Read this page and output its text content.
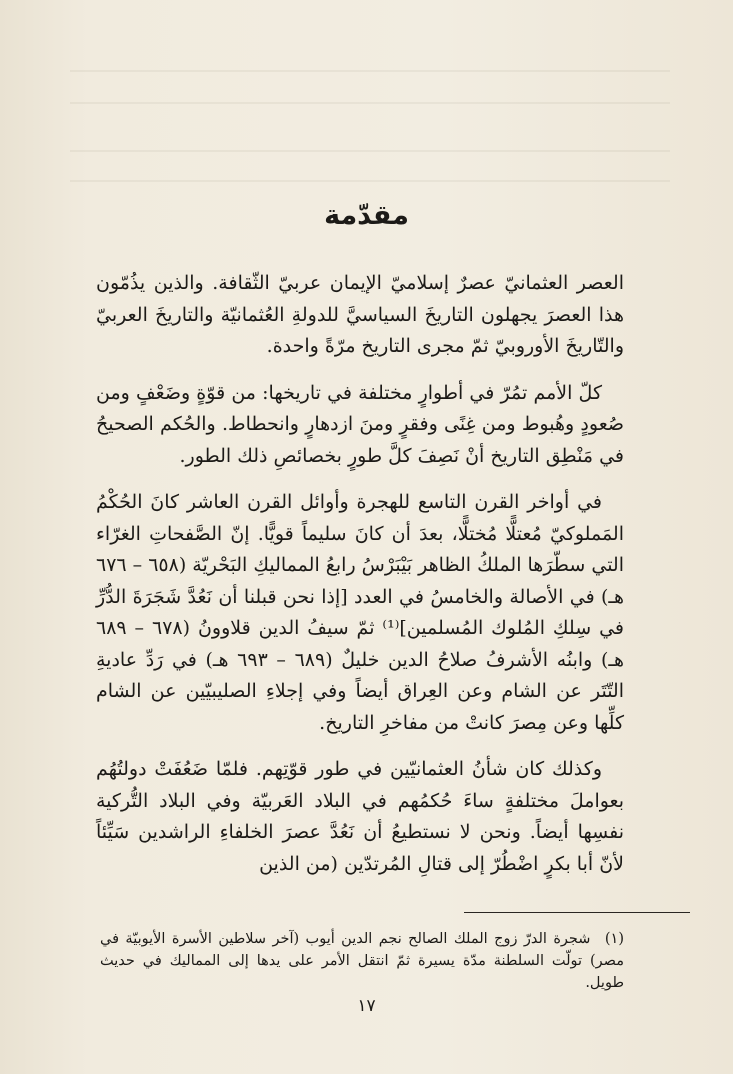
مقدّمة

العصر العثمانيّ عصرٌ إسلاميّ الإيمان عربيّ الثّقافة. والذين يذُمّون هذا العصرَ يجهلون التاريخَ السياسيَّ للدولةِ العُثمانيّة والتاريخَ العربيّ والتّاريخَ الأوروبيّ ثمّ مجرى التاريخ مرّةً واحدة.

كلّ الأمم تمُرّ في أطوارٍ مختلفة في تاريخها: من قوّةٍ وضَعْفٍ ومن صُعودٍ وهُبوط ومن غِنًى وفقرٍ ومنَ ازدهارٍ وانحطاط. والحُكم الصحيحُ في مَنْطِق التاريخ أنْ نَصِفَ كلَّ طورٍ بخصائصِ ذلك الطور.

في أواخر القرن التاسع للهجرة وأوائل القرن العاشر كانَ الحُكْمُ المَملوكيّ مُعتلًّا مُختلًّا، بعدَ أن كانَ سليماً قويًّا. إنّ الصَّفحاتِ الغرّاء التي سطّرَها الملكُ الظاهر بَيْبَرْسُ رابعُ المماليكِ البَحْريّة (٦٥٨ – ٦٧٦ هـ) في الأصالة والخامسُ في العدد [إذا نحن قبلنا أن نَعُدَّ شَجَرَةَ الدُّرِّ في سِلكِ المُلوك المُسلمين]⁽¹⁾ ثمّ سيفُ الدين قلاوونُ (٦٧٨ – ٦٨٩ هـ) وابنُه الأشرفُ صلاحُ الدين خليلٌ (٦٨٩ – ٦٩٣ هـ) في رَدِّ عاديةِ التّتَر عن الشام وعن العِراق أيضاً وفي إجلاءِ الصليبيّين عن الشام كلِّها وعن مِصرَ كانتْ من مفاخرِ التاريخ.

وكذلك كان شأنُ العثمانيّين في طور قوّتِهم. فلمّا ضَعُفَتْ دولتُهُم بعواملَ مختلفةٍ ساءَ حُكمُهم في البلاد العَربيّة وفي البلاد التُّركية نفسِها أيضاً. ونحن لا نستطيعُ أن نَعُدَّ عصرَ الخلفاءِ الراشدين سَيِّئاً لأنّ أبا بكرٍ اضْطُرّ إلى قتالِ المُرتدّين (من الذين

(١) شجرة الدرّ زوج الملك الصالح نجم الدين أيوب (آخر سلاطين الأسرة الأيوبيّة في مصر) تولّت السلطنة مدّة يسيرة ثمّ انتقل الأمر على يدها إلى المماليك في حديث طويل.
١٧
